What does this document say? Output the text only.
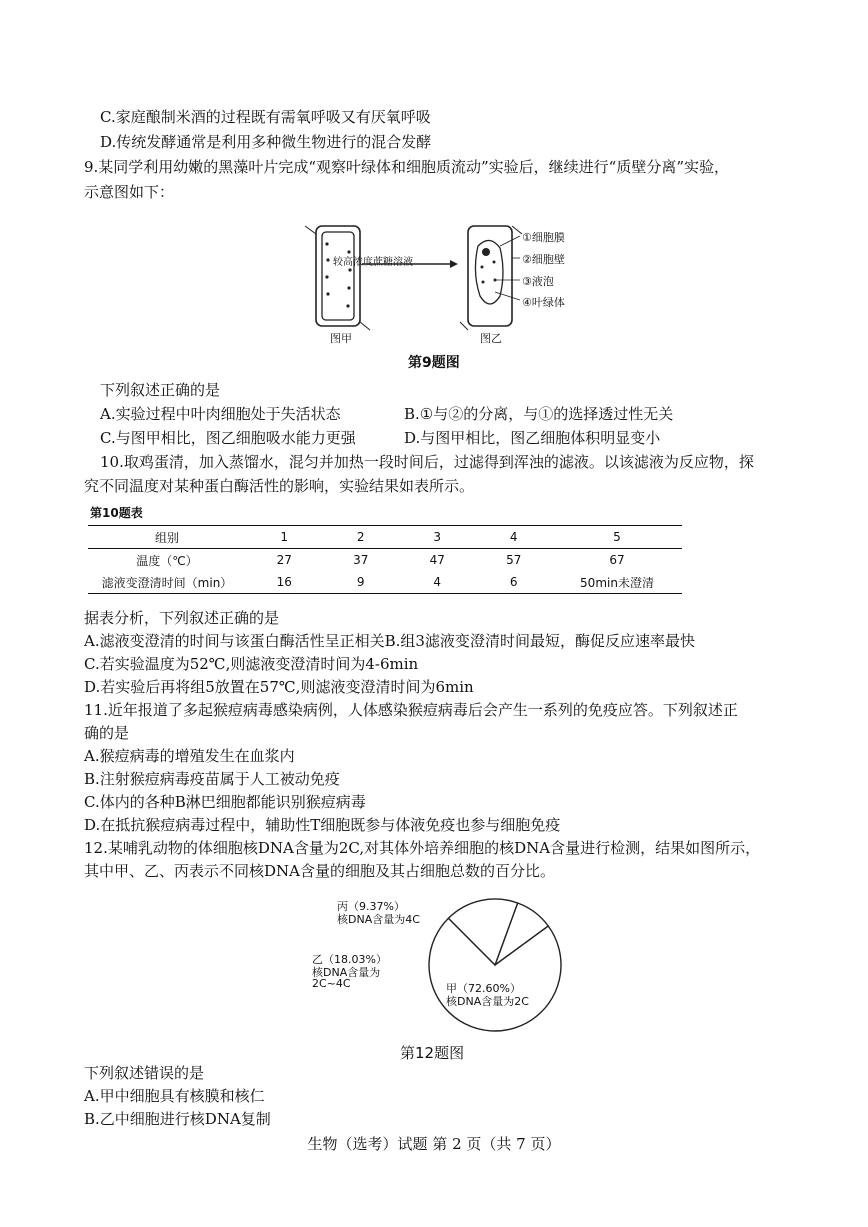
C.家庭酿制米酒的过程既有需氧呼吸又有厌氧呼吸
D.传统发酵通常是利用多种微生物进行的混合发酵
9.某同学利用幼嫩的黑藻叶片完成“观察叶绿体和细胞质流动”实验后，继续进行“质壁分离”实验，
示意图如下：
较高浓度蔗糖溶液
①细胞膜
②细胞壁
③液泡
④叶绿体
图甲	图乙
第9题图
下列叙述正确的是
A.实验过程中叶肉细胞处于失活状态	B.①与②的分离，与①的选择透过性无关
C.与图甲相比，图乙细胞吸水能力更强	D.与图甲相比，图乙细胞体积明显变小
10.取鸡蛋清，加入蒸馏水，混匀并加热一段时间后，过滤得到浑浊的滤液。以该滤液为反应物，探
究不同温度对某种蛋白酶活性的影响，实验结果如表所示。
第10题表
组别	1	2	3	4	5
温度（℃）	27	37	47	57	67
滤液变澄清时间（min）	16	9	4	6	50min未澄清
据表分析，下列叙述正确的是
A.滤液变澄清的时间与该蛋白酶活性呈正相关B.组3滤液变澄清时间最短，酶促反应速率最快
C.若实验温度为52℃,则滤液变澄清时间为4-6min
D.若实验后再将组5放置在57℃,则滤液变澄清时间为6min
11.近年报道了多起猴痘病毒感染病例，人体感染猴痘病毒后会产生一系列的免疫应答。下列叙述正
确的是
A.猴痘病毒的增殖发生在血浆内
B.注射猴痘病毒疫苗属于人工被动免疫
C.体内的各种B淋巴细胞都能识别猴痘病毒
D.在抵抗猴痘病毒过程中，辅助性T细胞既参与体液免疫也参与细胞免疫
12.某哺乳动物的体细胞核DNA含量为2C,对其体外培养细胞的核DNA含量进行检测，结果如图所示，
其中甲、乙、丙表示不同核DNA含量的细胞及其占细胞总数的百分比。
丙（9.37%）
核DNA含量为4C
乙（18.03%）
核DNA含量为
2C~4C	甲（72.60%）
核DNA含量为2C
第12题图
下列叙述错误的是
A.甲中细胞具有核膜和核仁
B.乙中细胞进行核DNA复制
生物（选考）试题 第 2 页（共 7 页）
